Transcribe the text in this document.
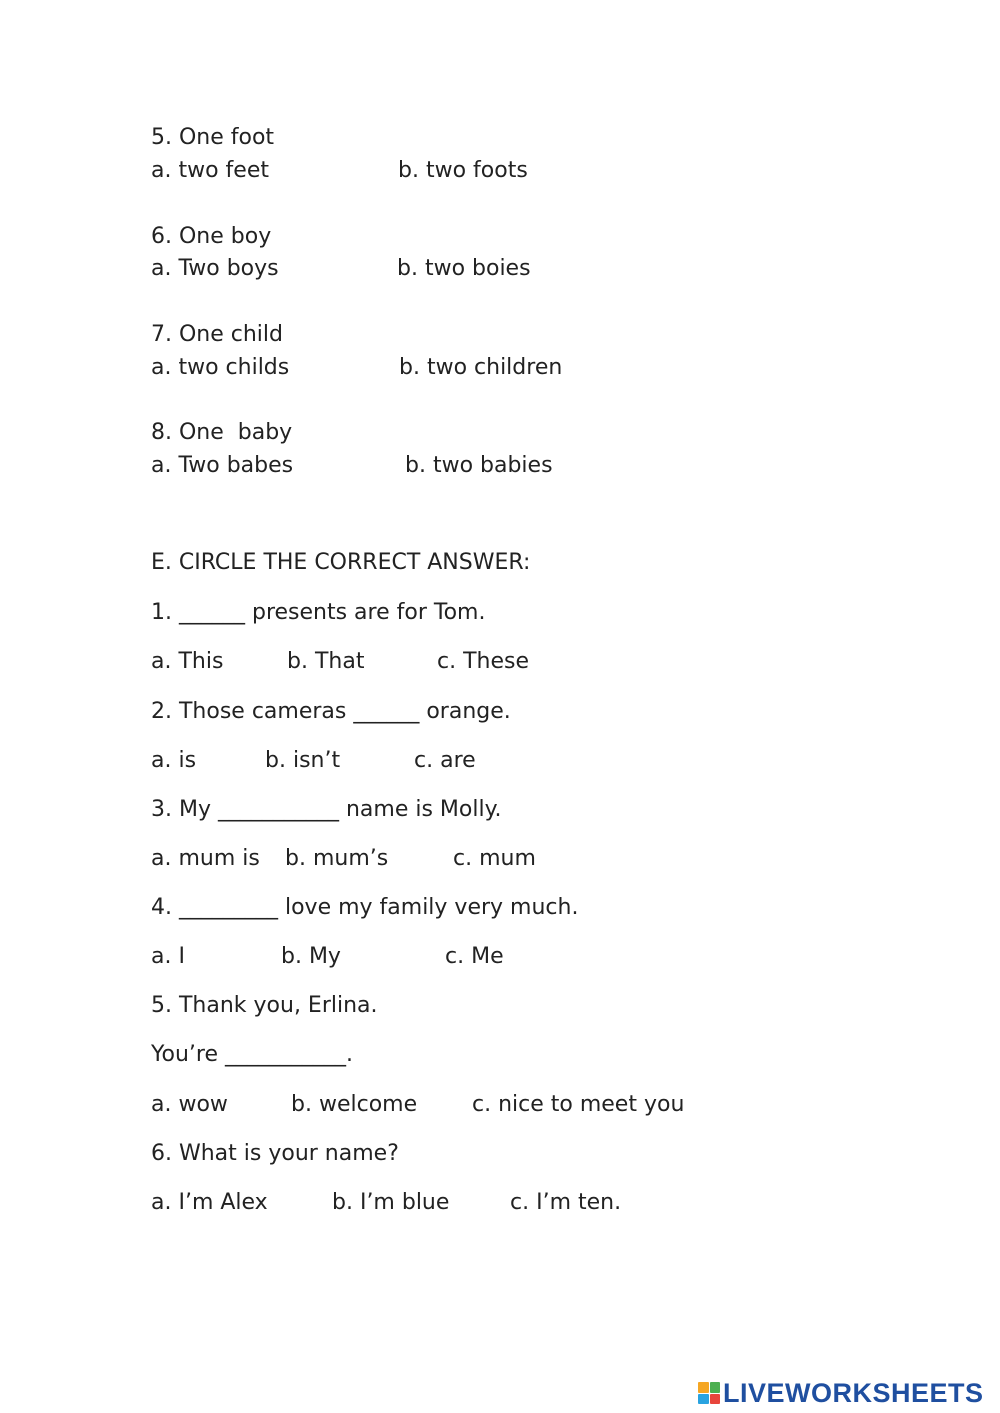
5. One foot
a. two feet	b. two foots
6. One boy
a. Two boys	b. two boies
7. One child
a. two childs	b. two children
8. One  baby
a. Two babes	b. two babies
E. CIRCLE THE CORRECT ANSWER:
1. ______ presents are for Tom.
a. This	b. That	c. These
2. Those cameras ______ orange.
a. is	b. isn’t	c. are
3. My ___________ name is Molly.
a. mum is b. mum’s	c. mum
4. _________ love my family very much.
a. I	b. My	c. Me
5. Thank you, Erlina.
You’re ___________.
a. wow	b. welcome c. nice to meet you
6. What is your name?
a. I’m Alex	b. I’m blue	c. I’m ten.
LIVEWORKSHEETS
